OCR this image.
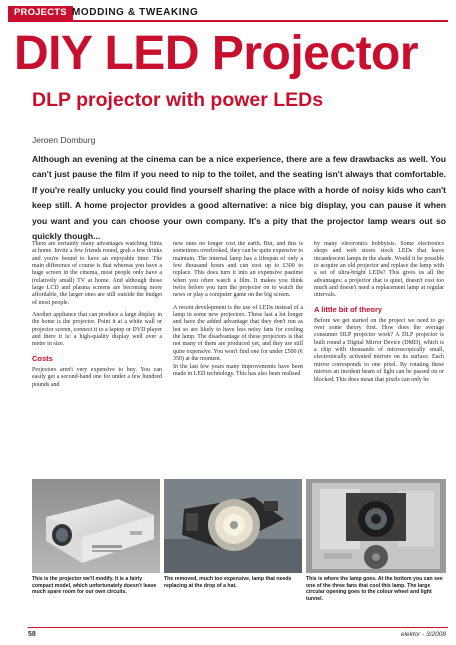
PROJECTS MODDING & TWEAKING
DIY LED Projector
DLP projector with power LEDs
Jeroen Domburg
Although an evening at the cinema can be a nice experience, there are a few drawbacks as well. You can't just pause the film if you need to nip to the toilet, and the seating isn't always that comfortable. If you're really unlucky you could find yourself sharing the place with a horde of noisy kids who can't keep still. A home projector provides a good alternative: a nice big display, you can pause it when you want and you can choose your own company. It's a pity that the projector lamp wears out so quickly though...

There are certainly many advantages watching films at home. Invite a few friends round, grab a few drinks and you're bound to have an enjoyable time. The main difference of course is that whereas you have a huge screen in the cinema, most people only have a (relatively small) TV at home. And although those large LCD and plasma screens are becoming more affordable, the larger ones are still outside the budget of most people.

Another appliance that can produce a large display in the home is the projector. Point it at a white wall or projector screen, connect it to a laptop or DVD player and there it is: a high-quality display well over a metre in size.

Costs

Projectors aren't very expensive to buy. You can easily get a second-hand one for under a few hundred pounds and

new ones no longer cost the earth. But, and this is sometimes overlooked, they can be quite expensive to maintain. The internal lamp has a lifespan of only a few thousand hours and can cost up to £300 to replace. This does turn it into an expensive pastime when you often watch a film. It makes you think twice before you turn the projector on to watch the news or play a computer game on the big screen.

A recent development is the use of LEDs instead of a lamp in some new projectors. These last a lot longer and have the added advantage that they don't run as hot so are likely to have less noisy fans for cooling the lamp. The disadvantage of these projectors is that not many of them are produced yet, and they are still quite expensive. You won't find one for under £500 (€ 350) at the moment.

In the last few years many improvements have been made in LED technology. This has also been realised

by many electronics hobbyists. Some electronics shops and web stores stock LEDs that leave incandescent lamps in the shade. Would it be possible to acquire an old projector and replace the lamp with a set of ultra-bright LEDs? This gives us all the advantages: a projector that is quiet, doesn't cost too much and doesn't need a replacement lamp at regular intervals.

A little bit of theory

Before we get started on the project we need to go over some theory first. How does the average consumer DLP projector work? A DLP projector is built round a Digital Mirror Device (DMD), which is a chip with thousands of microscopically small, electronically activated mirrors on its surface. Each mirror corresponds to one pixel. By rotating these mirrors an incident beam of light can be passed on or blocked. This does mean that pixels can only be

This is the projector we'll modify. It is a fairly compact model, which unfortunately doesn't leave much spare room for our own circuits.
The removed, much too expensive, lamp that needs replacing at the drop of a hat.
This is where the lamp goes. At the bottom you can see one of the three fans that cool this lamp. The large circular opening goes to the colour wheel and light tunnel.
58	elektor - 3/2008
